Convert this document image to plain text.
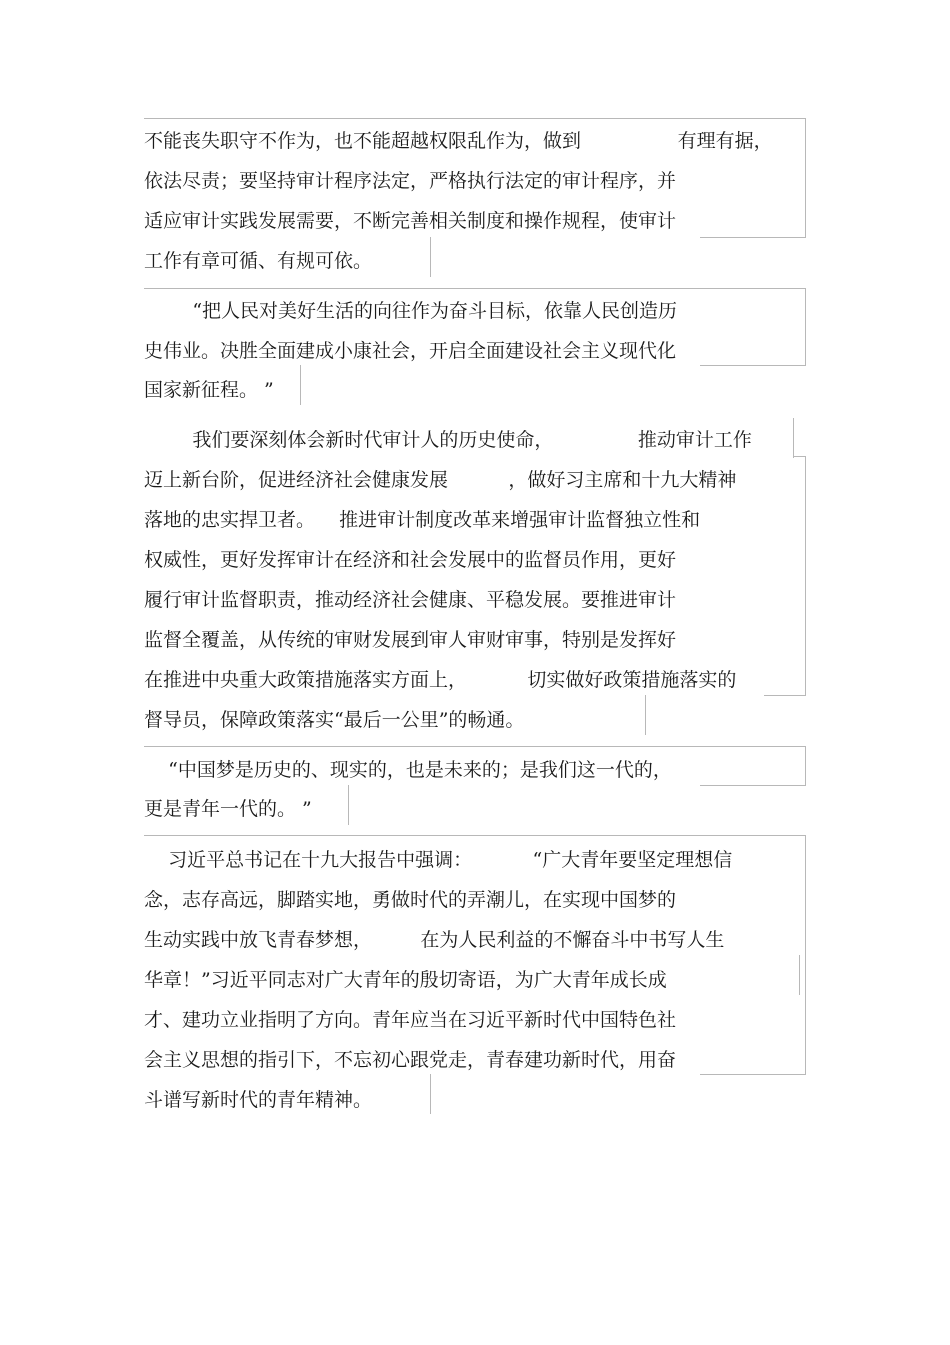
不能丧失职守不作为，也不能超越权限乱作为，做到                有理有据，
依法尽责；要坚持审计程序法定，严格执行法定的审计程序，并
适应审计实践发展需要，不断完善相关制度和操作规程，使审计
工作有章可循、有规可依。
“把人民对美好生活的向往作为奋斗目标，依靠人民创造历
史伟业。决胜全面建成小康社会，开启全面建设社会主义现代化
国家新征程。 ”
我们要深刻体会新时代审计人的历史使命，              推动审计工作
迈上新台阶，促进经济社会健康发展          ，做好习主席和十九大精神
落地的忠实捍卫者。    推进审计制度改革来增强审计监督独立性和
权威性，更好发挥审计在经济和社会发展中的监督员作用，更好
履行审计监督职责，推动经济社会健康、平稳发展。要推进审计
监督全覆盖，从传统的审财发展到审人审财审事，特别是发挥好
在推进中央重大政策措施落实方面上，          切实做好政策措施落实的
督导员，保障政策落实“最后一公里”的畅通。
“中国梦是历史的、现实的，也是未来的；是我们这一代的，
更是青年一代的。 ”
习近平总书记在十九大报告中强调：          “广大青年要坚定理想信
念，志存高远，脚踏实地，勇做时代的弄潮儿，在实现中国梦的
生动实践中放飞青春梦想，        在为人民利益的不懈奋斗中书写人生
华章！”习近平同志对广大青年的殷切寄语，为广大青年成长成
才、建功立业指明了方向。青年应当在习近平新时代中国特色社
会主义思想的指引下，不忘初心跟党走，青春建功新时代，用奋
斗谱写新时代的青年精神。
